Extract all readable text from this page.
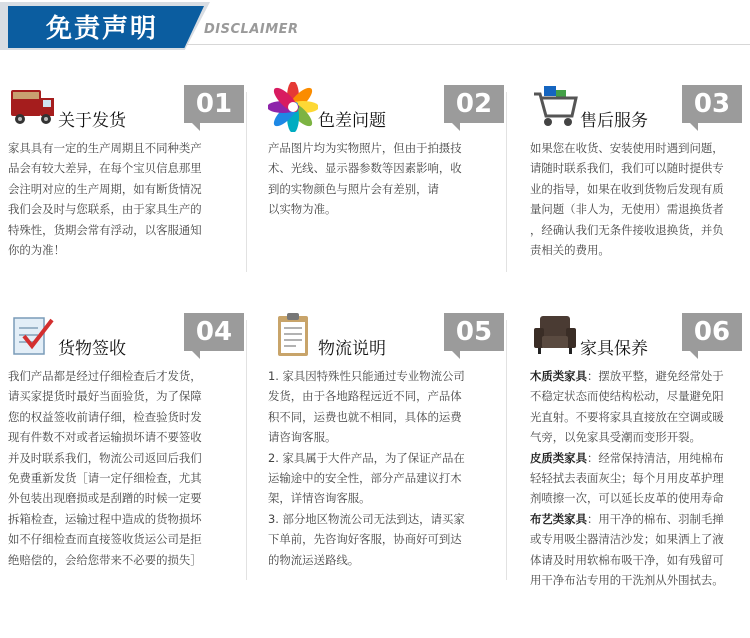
免责声明	DISCLAIMER
关于发货
01

家具具有一定的生产周期且不同种类产

品会有较大差异，在每个宝贝信息那里

会注明对应的生产周期，如有断货情况

我们会及时与您联系，由于家具生产的

特殊性，货期会常有浮动，以客服通知

你的为准！

色差问题
02

产品图片均为实物照片，但由于拍摄技

术、光线、显示器参数等因素影响，收

到的实物颜色与照片会有差别，请

以实物为准。

售后服务
03

如果您在收货、安装使用时遇到问题，

请随时联系我们，我们可以随时提供专

业的指导，如果在收到货物后发现有质

量问题（非人为，无使用）需退换货者

，经确认我们无条件接收退换货，并负

责相关的费用。

货物签收
04

我们产品都是经过仔细检查后才发货，

请买家提货时最好当面验货，为了保障

您的权益签收前请仔细，检查验货时发

现有件数不对或者运输损坏请不要签收

并及时联系我们，物流公司返回后我们

免费重新发货［请一定仔细检查，尤其

外包装出现磨损或是刮蹭的时候一定要

拆箱检查，运输过程中造成的货物损坏

如不仔细检查而直接签收货运公司是拒

绝赔偿的，会给您带来不必要的损失］

物流说明
05

1. 家具因特殊性只能通过专业物流公司

发货，由于各地路程远近不同，产品体

积不同，运费也就不相同，具体的运费

请咨询客服。

2. 家具属于大件产品，为了保证产品在

运输途中的安全性，部分产品建议打木

架，详情咨询客服。

3. 部分地区物流公司无法到达，请买家

下单前，先咨询好客服，协商好可到达

的物流运送路线。

家具保养
06

木质类家具：摆放平整，避免经常处于

不稳定状态而使结构松动，尽量避免阳

光直射。不要将家具直接放在空调或暖

气旁，以免家具受潮而变形开裂。

皮质类家具：经常保持清洁，用纯棉布

轻轻拭去表面灰尘；每个月用皮革护理

剂喷擦一次，可以延长皮革的使用寿命

布艺类家具：用干净的棉布、羽制毛掸

或专用吸尘器清洁沙发；如果洒上了液

体请及时用软棉布吸干净，如有残留可

用干净布沾专用的干洗剂从外围拭去。
